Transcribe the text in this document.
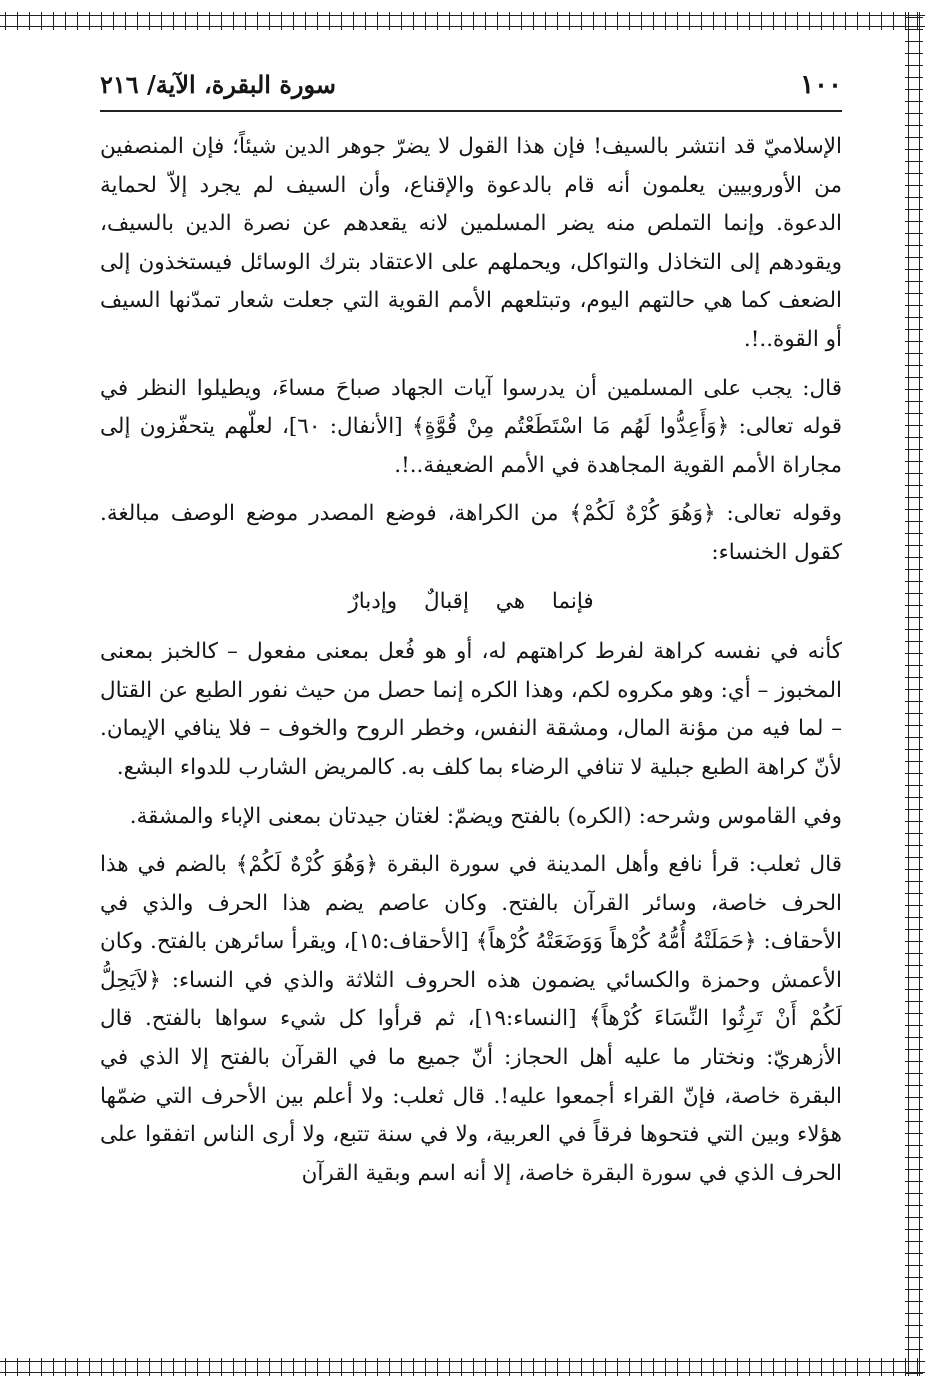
١٠٠
سورة البقرة، الآية/ ٢١٦

الإسلاميّ قد انتشر بالسيف! فإن هذا القول لا يضرّ جوهر الدين شيئاً؛ فإن المنصفين من الأوروبيين يعلمون أنه قام بالدعوة والإقناع، وأن السيف لم يجرد إلاّ لحماية الدعوة. وإنما التملص منه يضر المسلمين لانه يقعدهم عن نصرة الدين بالسيف، ويقودهم إلى التخاذل والتواكل، ويحملهم على الاعتقاد بترك الوسائل فيستخذون إلى الضعف كما هي حالتهم اليوم، وتبتلعهم الأمم القوية التي جعلت شعار تمدّنها السيف أو القوة..!.

قال: يجب على المسلمين أن يدرسوا آيات الجهاد صباحَ مساءَ، ويطيلوا النظر في قوله تعالى: ﴿وَأَعِدُّوا لَهُم مَا اسْتَطَعْتُم مِنْ قُوَّةٍ﴾ [الأنفال: ٦٠]، لعلّهم يتحفّزون إلى مجاراة الأمم القوية المجاهدة في الأمم الضعيفة..!.

وقوله تعالى: ﴿وَهُوَ كُرْهٌ لَكُمْ﴾ من الكراهة، فوضع المصدر موضع الوصف مبالغة. كقول الخنساء:

فإنما هي إقبالٌ وإدبارٌ

كأنه في نفسه كراهة لفرط كراهتهم له، أو هو فُعل بمعنى مفعول – كالخبز بمعنى المخبوز – أي: وهو مكروه لكم، وهذا الكره إنما حصل من حيث نفور الطبع عن القتال – لما فيه من مؤنة المال، ومشقة النفس، وخطر الروح والخوف – فلا ينافي الإيمان. لأنّ كراهة الطبع جبلية لا تنافي الرضاء بما كلف به. كالمريض الشارب للدواء البشع.

وفي القاموس وشرحه: (الكره) بالفتح ويضمّ: لغتان جيدتان بمعنى الإباء والمشقة.

قال ثعلب: قرأ نافع وأهل المدينة في سورة البقرة ﴿وَهُوَ كُرْهٌ لَكُمْ﴾ بالضم في هذا الحرف خاصة، وسائر القرآن بالفتح. وكان عاصم يضم هذا الحرف والذي في الأحقاف: ﴿حَمَلَتْهُ أُمُّهُ كُرْهاً وَوَضَعَتْهُ كُرْهاً﴾ [الأحقاف:١٥]، ويقرأ سائرهن بالفتح. وكان الأعمش وحمزة والكسائي يضمون هذه الحروف الثلاثة والذي في النساء: ﴿لاَيَحِلُّ لَكُمْ أَنْ تَرِثُوا النِّسَاءَ كُرْهاً﴾ [النساء:١٩]، ثم قرأوا كل شيء سواها بالفتح. قال الأزهريّ: ونختار ما عليه أهل الحجاز: أنّ جميع ما في القرآن بالفتح إلا الذي في البقرة خاصة، فإنّ القراء أجمعوا عليه!. قال ثعلب: ولا أعلم بين الأحرف التي ضمّها هؤلاء وبين التي فتحوها فرقاً في العربية، ولا في سنة تتبع، ولا أرى الناس اتفقوا على الحرف الذي في سورة البقرة خاصة، إلا أنه اسم وبقية القرآن
